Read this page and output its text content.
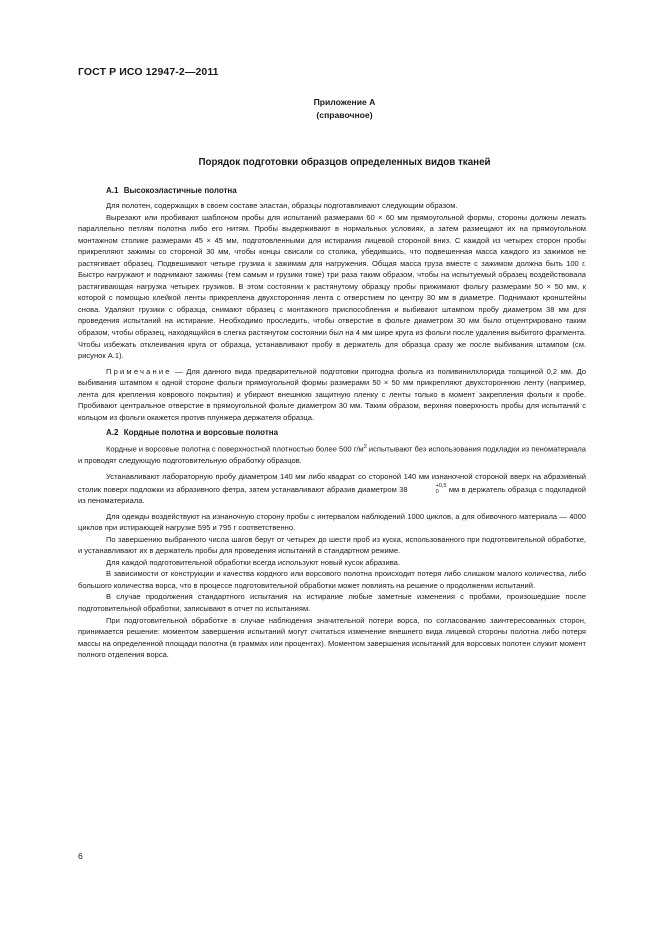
ГОСТ Р ИСО 12947-2—2011
Приложение А
(справочное)
Порядок подготовки образцов определенных видов тканей
А.1 Высокоэластичные полотна

Для полотен, содержащих в своем составе эластан, образцы подготавливают следующим образом.

Вырезают или пробивают шаблоном пробы для испытаний размерами 60 × 60 мм прямоугольной формы, стороны должны лежать параллельно петлям полотна либо его нитям. Пробы выдерживают в нормальных условиях, а затем размещают их на прямоугольном монтажном столике размерами 45 × 45 мм, подготовленными для истирания лицевой стороной вниз. С каждой из четырех сторон пробы прикрепляют зажимы со стороной 30 мм, чтобы концы свисали со столика, убедившись, что подвешенная масса каждого из зажимов не растягивает образец. Подвешивают четыре грузика к зажимам для нагружения. Общая масса груза вместе с зажимом должна быть 100 г. Быстро нагружают и поднимают зажимы (тем самым и грузики тоже) три раза таким образом, чтобы на испытуемый образец воздействовала растягивающая нагрузка четырех грузиков. В этом состоянии к растянутому образцу пробы прижимают фольгу размерами 50 × 50 мм, к которой с помощью клейкой ленты прикреплена двухсторонняя лента с отверстием по центру 30 мм в диаметре. Поднимают кронштейны снова. Удаляют грузики с образца, снимают образец с монтажного приспособления и выбивают штампом пробу диаметром 38 мм для проведения испытаний на истирание. Необходимо проследить, чтобы отверстие в фольге диаметром 30 мм было отцентрировано таким образом, чтобы образец, находящийся в слегка растянутом состоянии был на 4 мм шире круга из фольги после удаления выбитого фрагмента. Чтобы избежать отклеивания круга от образца, устанавливают пробу в держатель для образца сразу же после выбивания штампом (см. рисунок А.1).

Примечание — Для данного вида предварительной подготовки пригодна фольга из поливинилхлорида толщиной 0,2 мм. До выбивания штампом к одной стороне фольги прямоугольной формы размерами 50 × 50 мм прикрепляют двухстороннюю ленту (например, лента для крепления коврового покрытия) и убирают внешнюю защитную пленку с ленты только в момент закрепления фольги к пробе. Пробивают центральное отверстие в прямоугольной фольге диаметром 30 мм. Таким образом, верхняя поверхность пробы для испытаний с кольцом из фольги окажется против плунжера держателя образца.

А.2 Кордные полотна и ворсовые полотна

Кордные и ворсовые полотна с поверхностной плотностью более 500 $г/м^2$ испытывают без использования подкладки из пеноматериала и проводят следующую подготовительную обработку образцов.

Устанавливают лабораторную пробу диаметром 140 мм либо квадрат со стороной 140 мм изнаночной стороной вверх на абразивный столик поверх подложки из абразивного фетра, затем устанавливают абразив диаметром 38	+0,5
0	мм в держатель образца с подкладкой из пеноматериала.

Для одежды воздействуют на изнаночную сторону пробы с интервалом наблюдений 1000 циклов, а для обивочного материала — 4000 циклов при истирающей нагрузке 595 и 795 г соответственно.

По завершению выбранного числа шагов берут от четырех до шести проб из куска, использованного при подготовительной обработке, и устанавливают их в держатель пробы для проведения испытаний в стандартном режиме.

Для каждой подготовительной обработки всегда используют новый кусок абразива.

В зависимости от конструкции и качества кордного или ворсового полотна происходит потеря либо слишком малого количества, либо большого количества ворса, что в процессе подготовительной обработки может повлиять на решение о продолжении испытаний.

В случае продолжения стандартного испытания на истирание любые заметные изменения с пробами, произошедшие после подготовительной обработки, записывают в отчет по испытаниям.

При подготовительной обработке в случае наблюдения значительной потери ворса, по согласованию заинтересованных сторон, принимается решение: моментом завершения испытаний могут считаться изменение внешнего вида лицевой стороны полотна либо потеря массы на определенной площади полотна (в граммах или процентах). Моментом завершения испытаний для ворсовых полотен служит момент полного отделения ворса.

6
